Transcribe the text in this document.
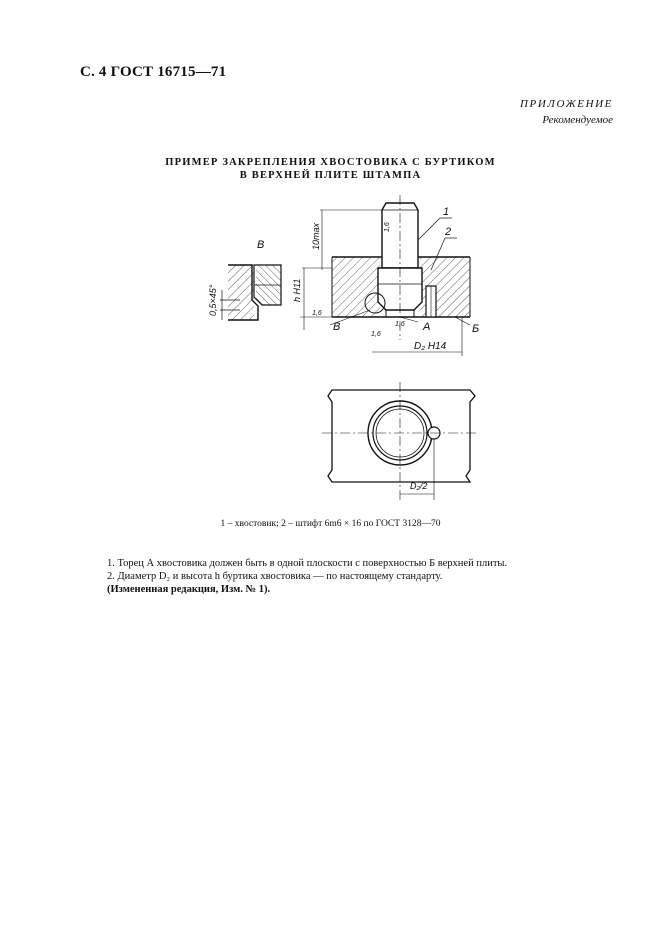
С. 4 ГОСТ 16715—71
ПРИЛОЖЕНИЕ
Рекомендуемое
ПРИМЕР ЗАКРЕПЛЕНИЯ ХВОСТОВИКА С БУРТИКОМ
В ВЕРХНЕЙ ПЛИТЕ ШТАМПА
В
0,5×45°
1
2
10max
h H11
1,6
1,6
1,6
1,6
В	А	Б
D₂ H14
D₂/2
1 – хвостовик; 2 – штифт 6m6 × 16 по ГОСТ 3128—70
1. Торец А хвостовика должен быть в одной плоскости с поверхностью Б верхней плиты.
2. Диаметр D₂ и высота h буртика хвостовика — по настоящему стандарту.
(Измененная редакция, Изм. № 1).
